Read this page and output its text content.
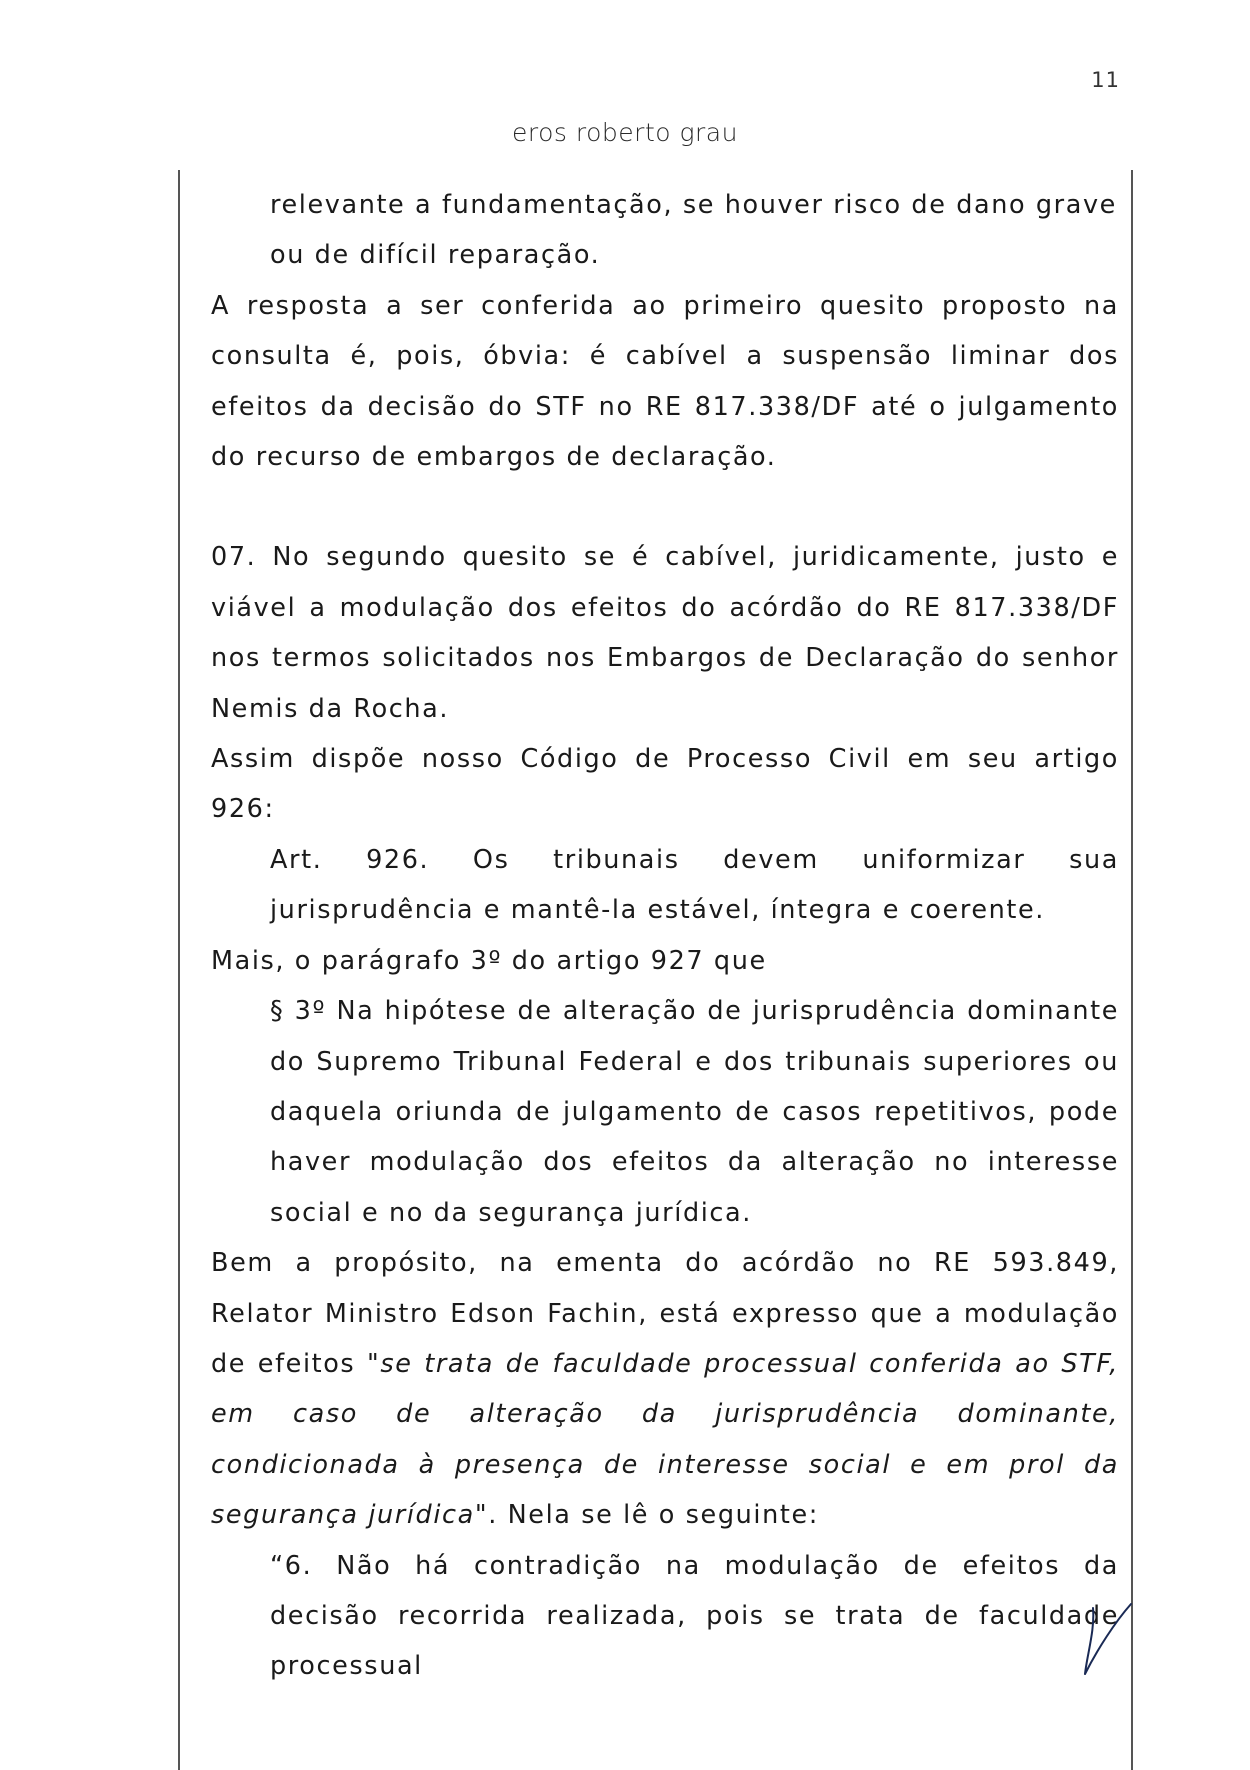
11
eros roberto grau

relevante a fundamentação, se houver risco de dano grave
ou de difícil reparação.

A resposta a ser conferida ao primeiro quesito proposto na consulta é, pois, óbvia: é cabível a suspensão liminar dos efeitos da decisão do STF no RE 817.338/DF até o julgamento do recurso de embargos de declaração.

07. No segundo quesito se é cabível, juridicamente, justo e viável a modulação dos efeitos do acórdão do RE 817.338/DF nos termos solicitados nos Embargos de Declaração do senhor Nemis da Rocha.

Assim dispõe nosso Código de Processo Civil em seu artigo 926:

Art. 926. Os tribunais devem uniformizar sua jurisprudência e mantê-la estável, íntegra e coerente.

Mais, o parágrafo 3º do artigo 927 que

§ 3º Na hipótese de alteração de jurisprudência dominante do Supremo Tribunal Federal e dos tribunais superiores ou daquela oriunda de julgamento de casos repetitivos, pode haver modulação dos efeitos da alteração no interesse social e no da segurança jurídica.

Bem a propósito, na ementa do acórdão no RE 593.849, Relator Ministro Edson Fachin, está expresso que a modulação de efeitos "se trata de faculdade processual conferida ao STF, em caso de alteração da jurisprudência dominante, condicionada à presença de interesse social e em prol da segurança jurídica". Nela se lê o seguinte:

“6. Não há contradição na modulação de efeitos da decisão recorrida realizada, pois se trata de faculdade processual
